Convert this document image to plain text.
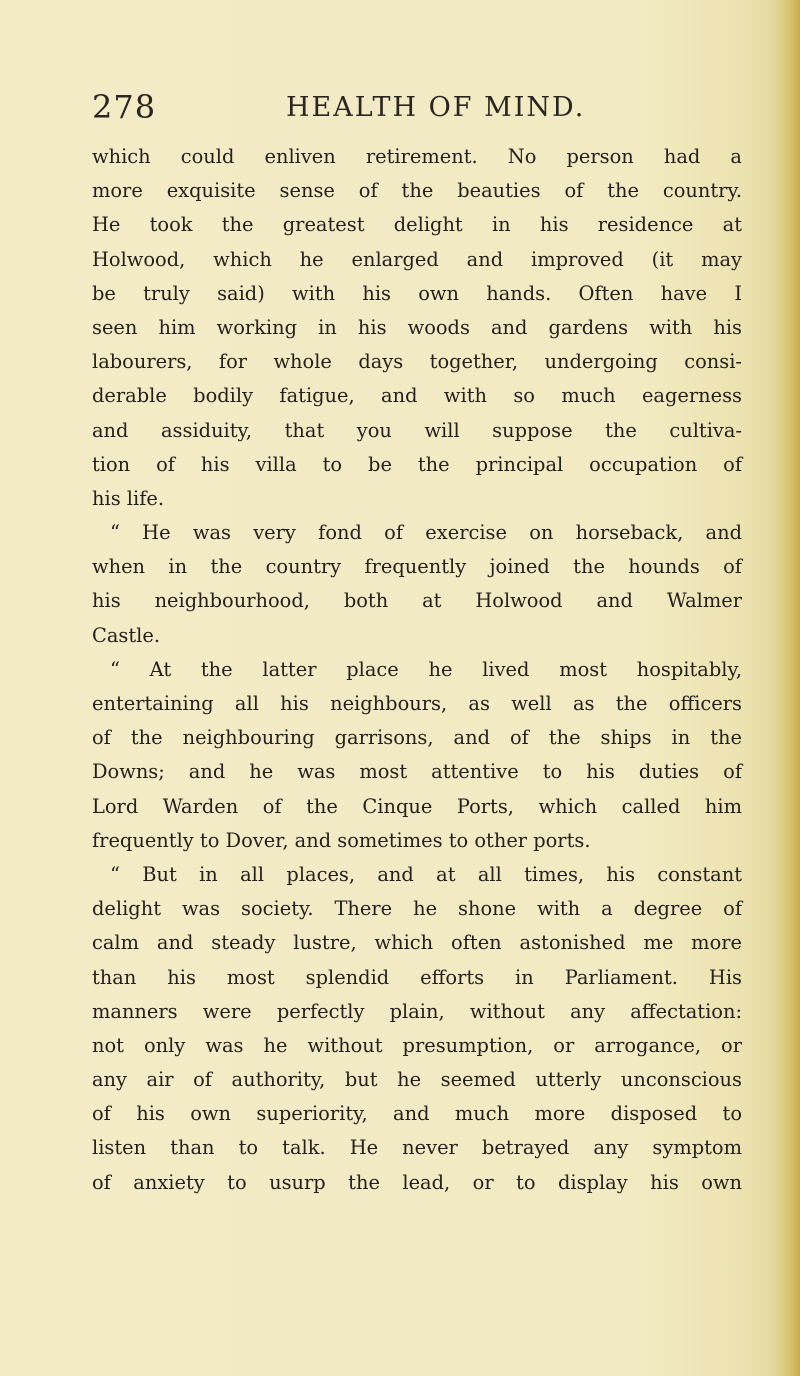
278	HEALTH OF MIND.
which could enliven retirement. No person had a
more exquisite sense of the beauties of the country.
He took the greatest delight in his residence at
Holwood, which he enlarged and improved (it may
be truly said) with his own hands. Often have I
seen him working in his woods and gardens with his
labourers, for whole days together, undergoing consi-
derable bodily fatigue, and with so much eagerness
and assiduity, that you will suppose the cultiva-
tion of his villa to be the principal occupation of
his life.
“ He was very fond of exercise on horseback, and
when in the country frequently joined the hounds of
his neighbourhood, both at Holwood and Walmer
Castle.
“ At the latter place he lived most hospitably,
entertaining all his neighbours, as well as the officers
of the neighbouring garrisons, and of the ships in the
Downs; and he was most attentive to his duties of
Lord Warden of the Cinque Ports, which called him
frequently to Dover, and sometimes to other ports.
“ But in all places, and at all times, his constant
delight was society. There he shone with a degree of
calm and steady lustre, which often astonished me more
than his most splendid efforts in Parliament. His
manners were perfectly plain, without any affectation:
not only was he without presumption, or arrogance, or
any air of authority, but he seemed utterly unconscious
of his own superiority, and much more disposed to
listen than to talk. He never betrayed any symptom
of anxiety to usurp the lead, or to display his own
